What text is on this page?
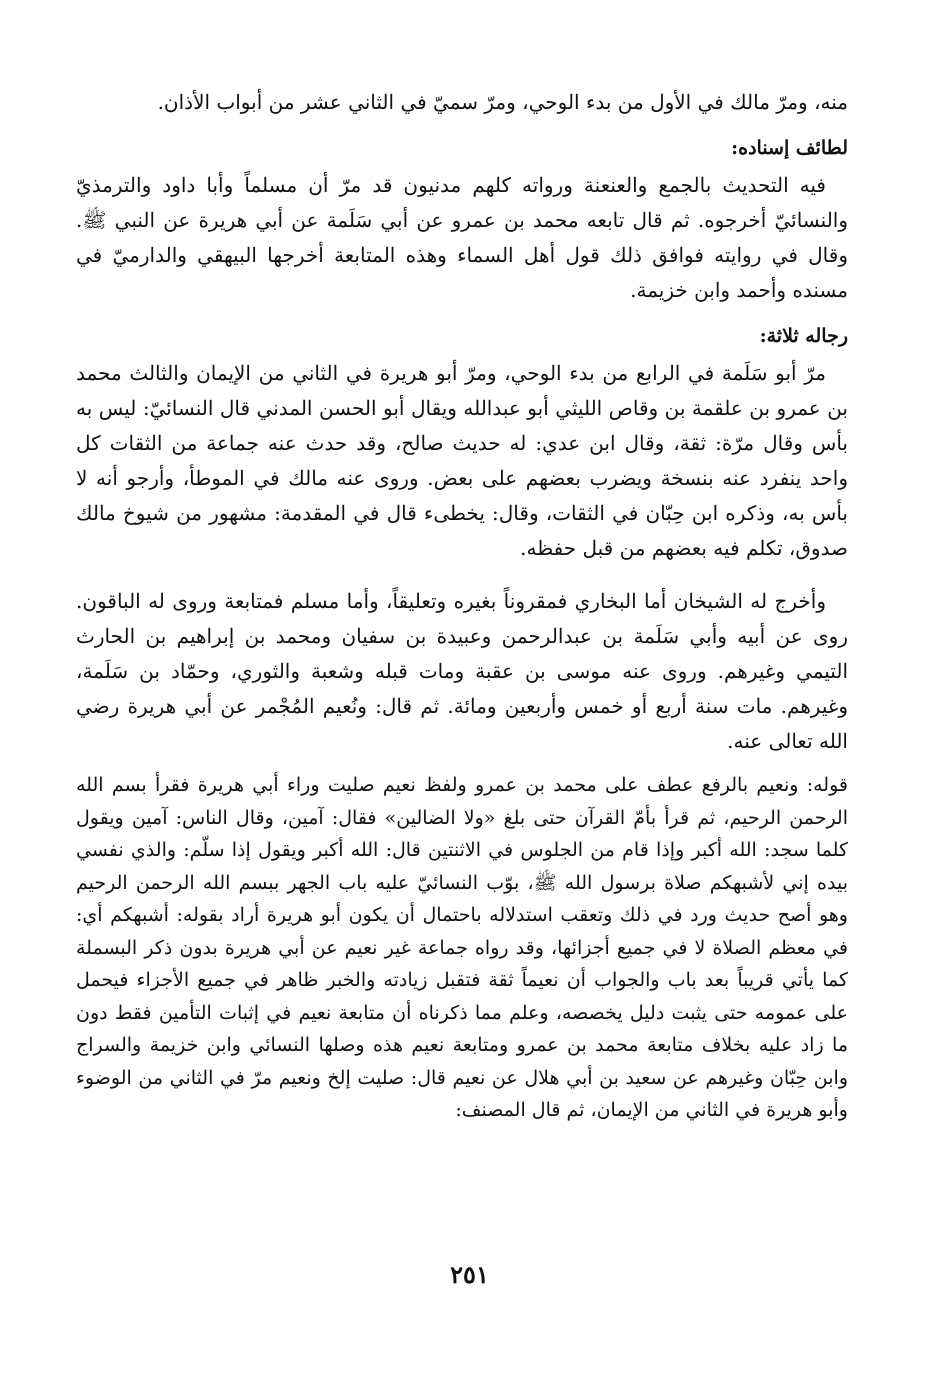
منه، ومرّ مالك في الأول من بدء الوحي، ومرّ سميّ في الثاني عشر من أبواب الأذان.

لطائف إسناده:

فيه التحديث بالجمع والعنعنة ورواته كلهم مدنيون قد مرّ أن مسلماً وأبا داود والترمذيّ والنسائيّ أخرجوه. ثم قال تابعه محمد بن عمرو عن أبي سَلَمة عن أبي هريرة عن النبي ﷺ. وقال في روايته فوافق ذلك قول أهل السماء وهذه المتابعة أخرجها البيهقي والدارميّ في مسنده وأحمد وابن خزيمة.

رجاله ثلاثة:

مرّ أبو سَلَمة في الرابع من بدء الوحي، ومرّ أبو هريرة في الثاني من الإيمان والثالث محمد بن عمرو بن علقمة بن وقاص الليثي أبو عبدالله ويقال أبو الحسن المدني قال النسائيّ: ليس به بأس وقال مرّة: ثقة، وقال ابن عدي: له حديث صالح، وقد حدث عنه جماعة من الثقات كل واحد ينفرد عنه بنسخة ويضرب بعضهم على بعض. وروى عنه مالك في الموطأ، وأرجو أنه لا بأس به، وذكره ابن حِبّان في الثقات، وقال: يخطىء قال في المقدمة: مشهور من شيوخ مالك صدوق، تكلم فيه بعضهم من قبل حفظه.

وأخرج له الشيخان أما البخاري فمقروناً بغيره وتعليقاً، وأما مسلم فمتابعة وروى له الباقون. روى عن أبيه وأبي سَلَمة بن عبدالرحمن وعبيدة بن سفيان ومحمد بن إبراهيم بن الحارث التيمي وغيرهم. وروى عنه موسى بن عقبة ومات قبله وشعبة والثوري، وحمّاد بن سَلَمة، وغيرهم. مات سنة أربع أو خمس وأربعين ومائة. ثم قال: ونُعيم المُجْمر عن أبي هريرة رضي الله تعالى عنه.

قوله: ونعيم بالرفع عطف على محمد بن عمرو ولفظ نعيم صليت وراء أبي هريرة فقرأ بسم الله الرحمن الرحيم، ثم قرأ بأمّ القرآن حتى بلغ «ولا الضالين» فقال: آمين، وقال الناس: آمين ويقول كلما سجد: الله أكبر وإذا قام من الجلوس في الاثنتين قال: الله أكبر ويقول إذا سلّم: والذي نفسي بيده إني لأشبهكم صلاة برسول الله ﷺ، بوّب النسائيّ عليه باب الجهر ببسم الله الرحمن الرحيم وهو أصح حديث ورد في ذلك وتعقب استدلاله باحتمال أن يكون أبو هريرة أراد بقوله: أشبهكم أي: في معظم الصلاة لا في جميع أجزائها، وقد رواه جماعة غير نعيم عن أبي هريرة بدون ذكر البسملة كما يأتي قريباً بعد باب والجواب أن نعيماً ثقة فتقبل زيادته والخبر ظاهر في جميع الأجزاء فيحمل على عمومه حتى يثبت دليل يخصصه، وعلم مما ذكرناه أن متابعة نعيم في إثبات التأمين فقط دون ما زاد عليه بخلاف متابعة محمد بن عمرو ومتابعة نعيم هذه وصلها النسائي وابن خزيمة والسراج وابن حِبّان وغيرهم عن سعيد بن أبي هلال عن نعيم قال: صليت إلخ ونعيم مرّ في الثاني من الوضوء وأبو هريرة في الثاني من الإيمان، ثم قال المصنف:

٢٥١
